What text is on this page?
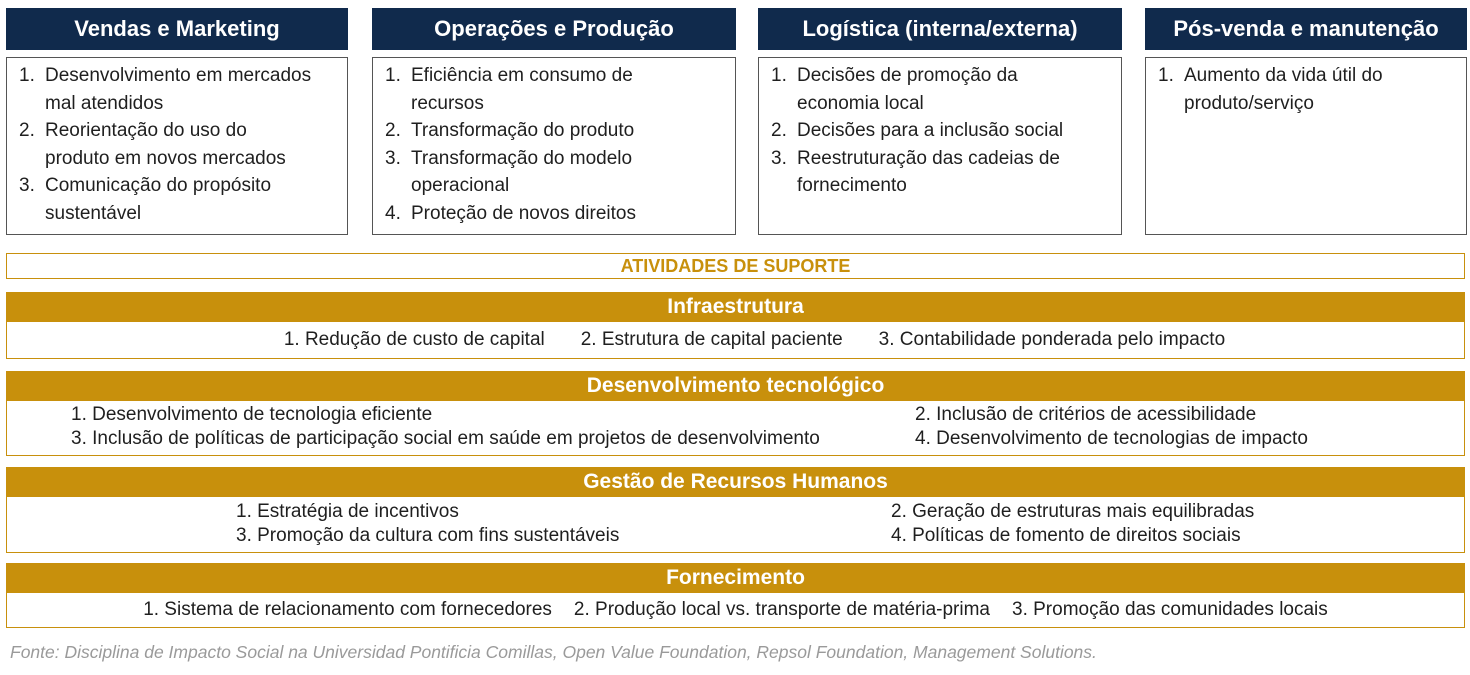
Vendas e Marketing
1. Desenvolvimento em mercados
mal atendidos
2. Reorientação do uso do
produto em novos mercados
3. Comunicação do propósito
sustentável
Operações e Produção
1. Eficiência em consumo de
recursos
2. Transformação do produto
3. Transformação do modelo
operacional
4. Proteção de novos direitos
Logística (interna/externa)
1. Decisões de promoção da
economia local
2. Decisões para a inclusão social
3. Reestruturação das cadeias de
fornecimento
Pós-venda e manutenção
1. Aumento da vida útil do
produto/serviço
ATIVIDADES DE SUPORTE
Infraestrutura
1. Redução de custo de capital 2. Estrutura de capital paciente 3. Contabilidade ponderada pelo impacto
Desenvolvimento tecnológico
1. Desenvolvimento de tecnologia eficiente	2. Inclusão de critérios de acessibilidade
3. Inclusão de políticas de participação social em saúde em projetos de desenvolvimento	4. Desenvolvimento de tecnologias de impacto
Gestão de Recursos Humanos
1. Estratégia de incentivos	2. Geração de estruturas mais equilibradas
3. Promoção da cultura com fins sustentáveis	4. Políticas de fomento de direitos sociais
Fornecimento
1. Sistema de relacionamento com fornecedores 2. Produção local vs. transporte de matéria-prima 3. Promoção das comunidades locais
Fonte: Disciplina de Impacto Social na Universidad Pontificia Comillas, Open Value Foundation, Repsol Foundation, Management Solutions.
